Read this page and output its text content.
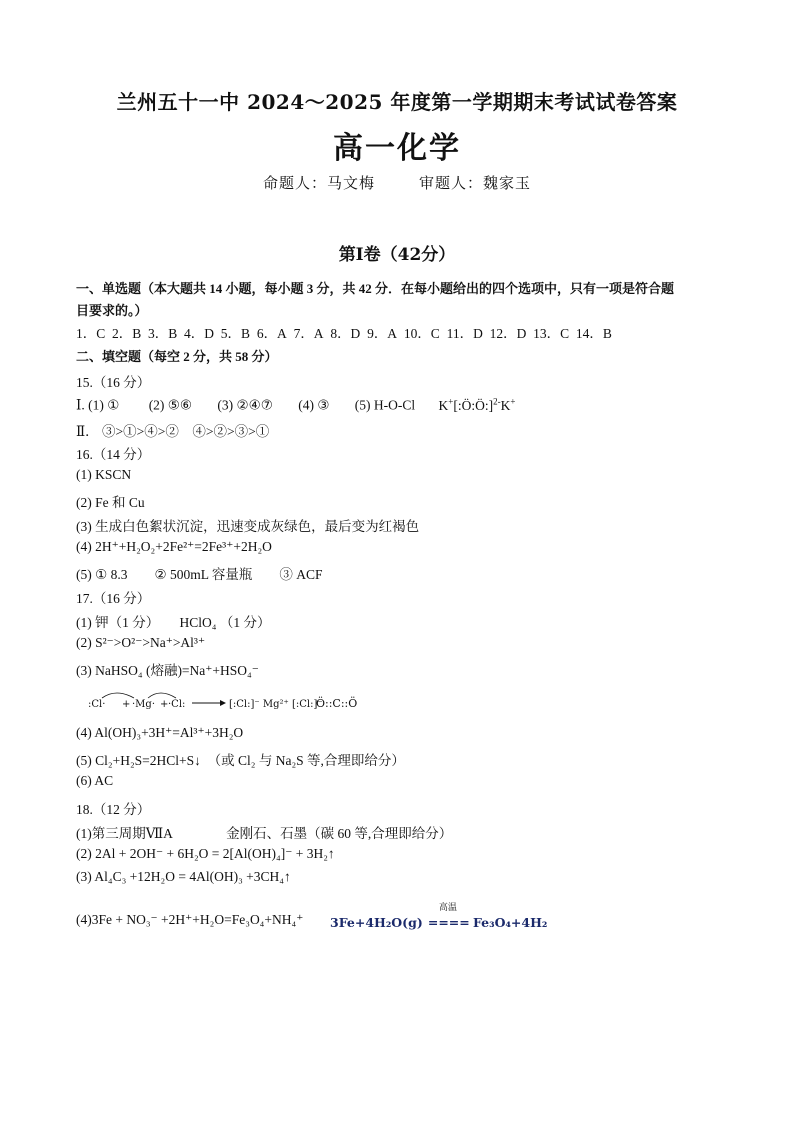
兰州五十一中 2024～2025 年度第一学期期末考试试卷答案
高一化学
命题人：马文梅	审题人：魏家玉
第Ⅰ卷（42分）
一、单选题（本大题共 14 小题，每小题 3 分，共 42 分．在每小题给出的四个选项中，只有一项是符合题
目要求的。）
1．C 2．B 3．B 4．D 5．B 6．A 7．A 8．D 9．A 10．C 11．D 12．D 13．C 14．B
二、填空题（每空 2 分，共 58 分）
15.（16 分）
Ⅰ. (1) ① (2) ⑤⑥ (3) ②④⑦ (4) ③ (5) H-O-Cl K+[:Ö:Ö:]$^{2-}$K+
Ⅱ． ③>①>④>②　④>②>③>①
16.（14 分）
(1) KSCN
(2) Fe 和 Cu
(3) 生成白色絮状沉淀，迅速变成灰绿色，最后变为红褐色
(4) 2H⁺+H₂O₂+2Fe²⁺=2Fe³⁺+2H₂O
(5) ① 8.3　　② 500mL 容量瓶　　③ ACF
17.（16 分）
(1) 钾（1 分）　　HClO₄ （1 分）
(2) S²⁻>O²⁻>Na⁺>Al³⁺
(3) NaHSO₄ (熔融)=Na⁺+HSO₄⁻
:Cl· + ·Mg· + ·Cl:	[:Cl:]⁻ Mg²⁺ [:Cl:]⁻
Ö::C::Ö
(4) Al(OH)₃+3H⁺=Al³⁺+3H₂O
(5) Cl₂+H₂S=2HCl+S↓　（或 Cl₂ 与 Na₂S 等,合理即给分）
(6) AC
18.（12 分）
(1)第三周期ⅦA　　　　金刚石、石墨（碳 60 等,合理即给分）
(2) 2Al + 2OH⁻ + 6H₂O = 2[Al(OH)₄]⁻ + 3H₂↑
(3) Al₄C₃ +12H₂O = 4Al(OH)₃ +3CH₄↑
(4)3Fe + NO₃⁻ +2H⁺+H₂O=Fe₃O₄+NH₄⁺ 3Fe+4H₂O(g)
高温
==== Fe₃O₄+4H₂
